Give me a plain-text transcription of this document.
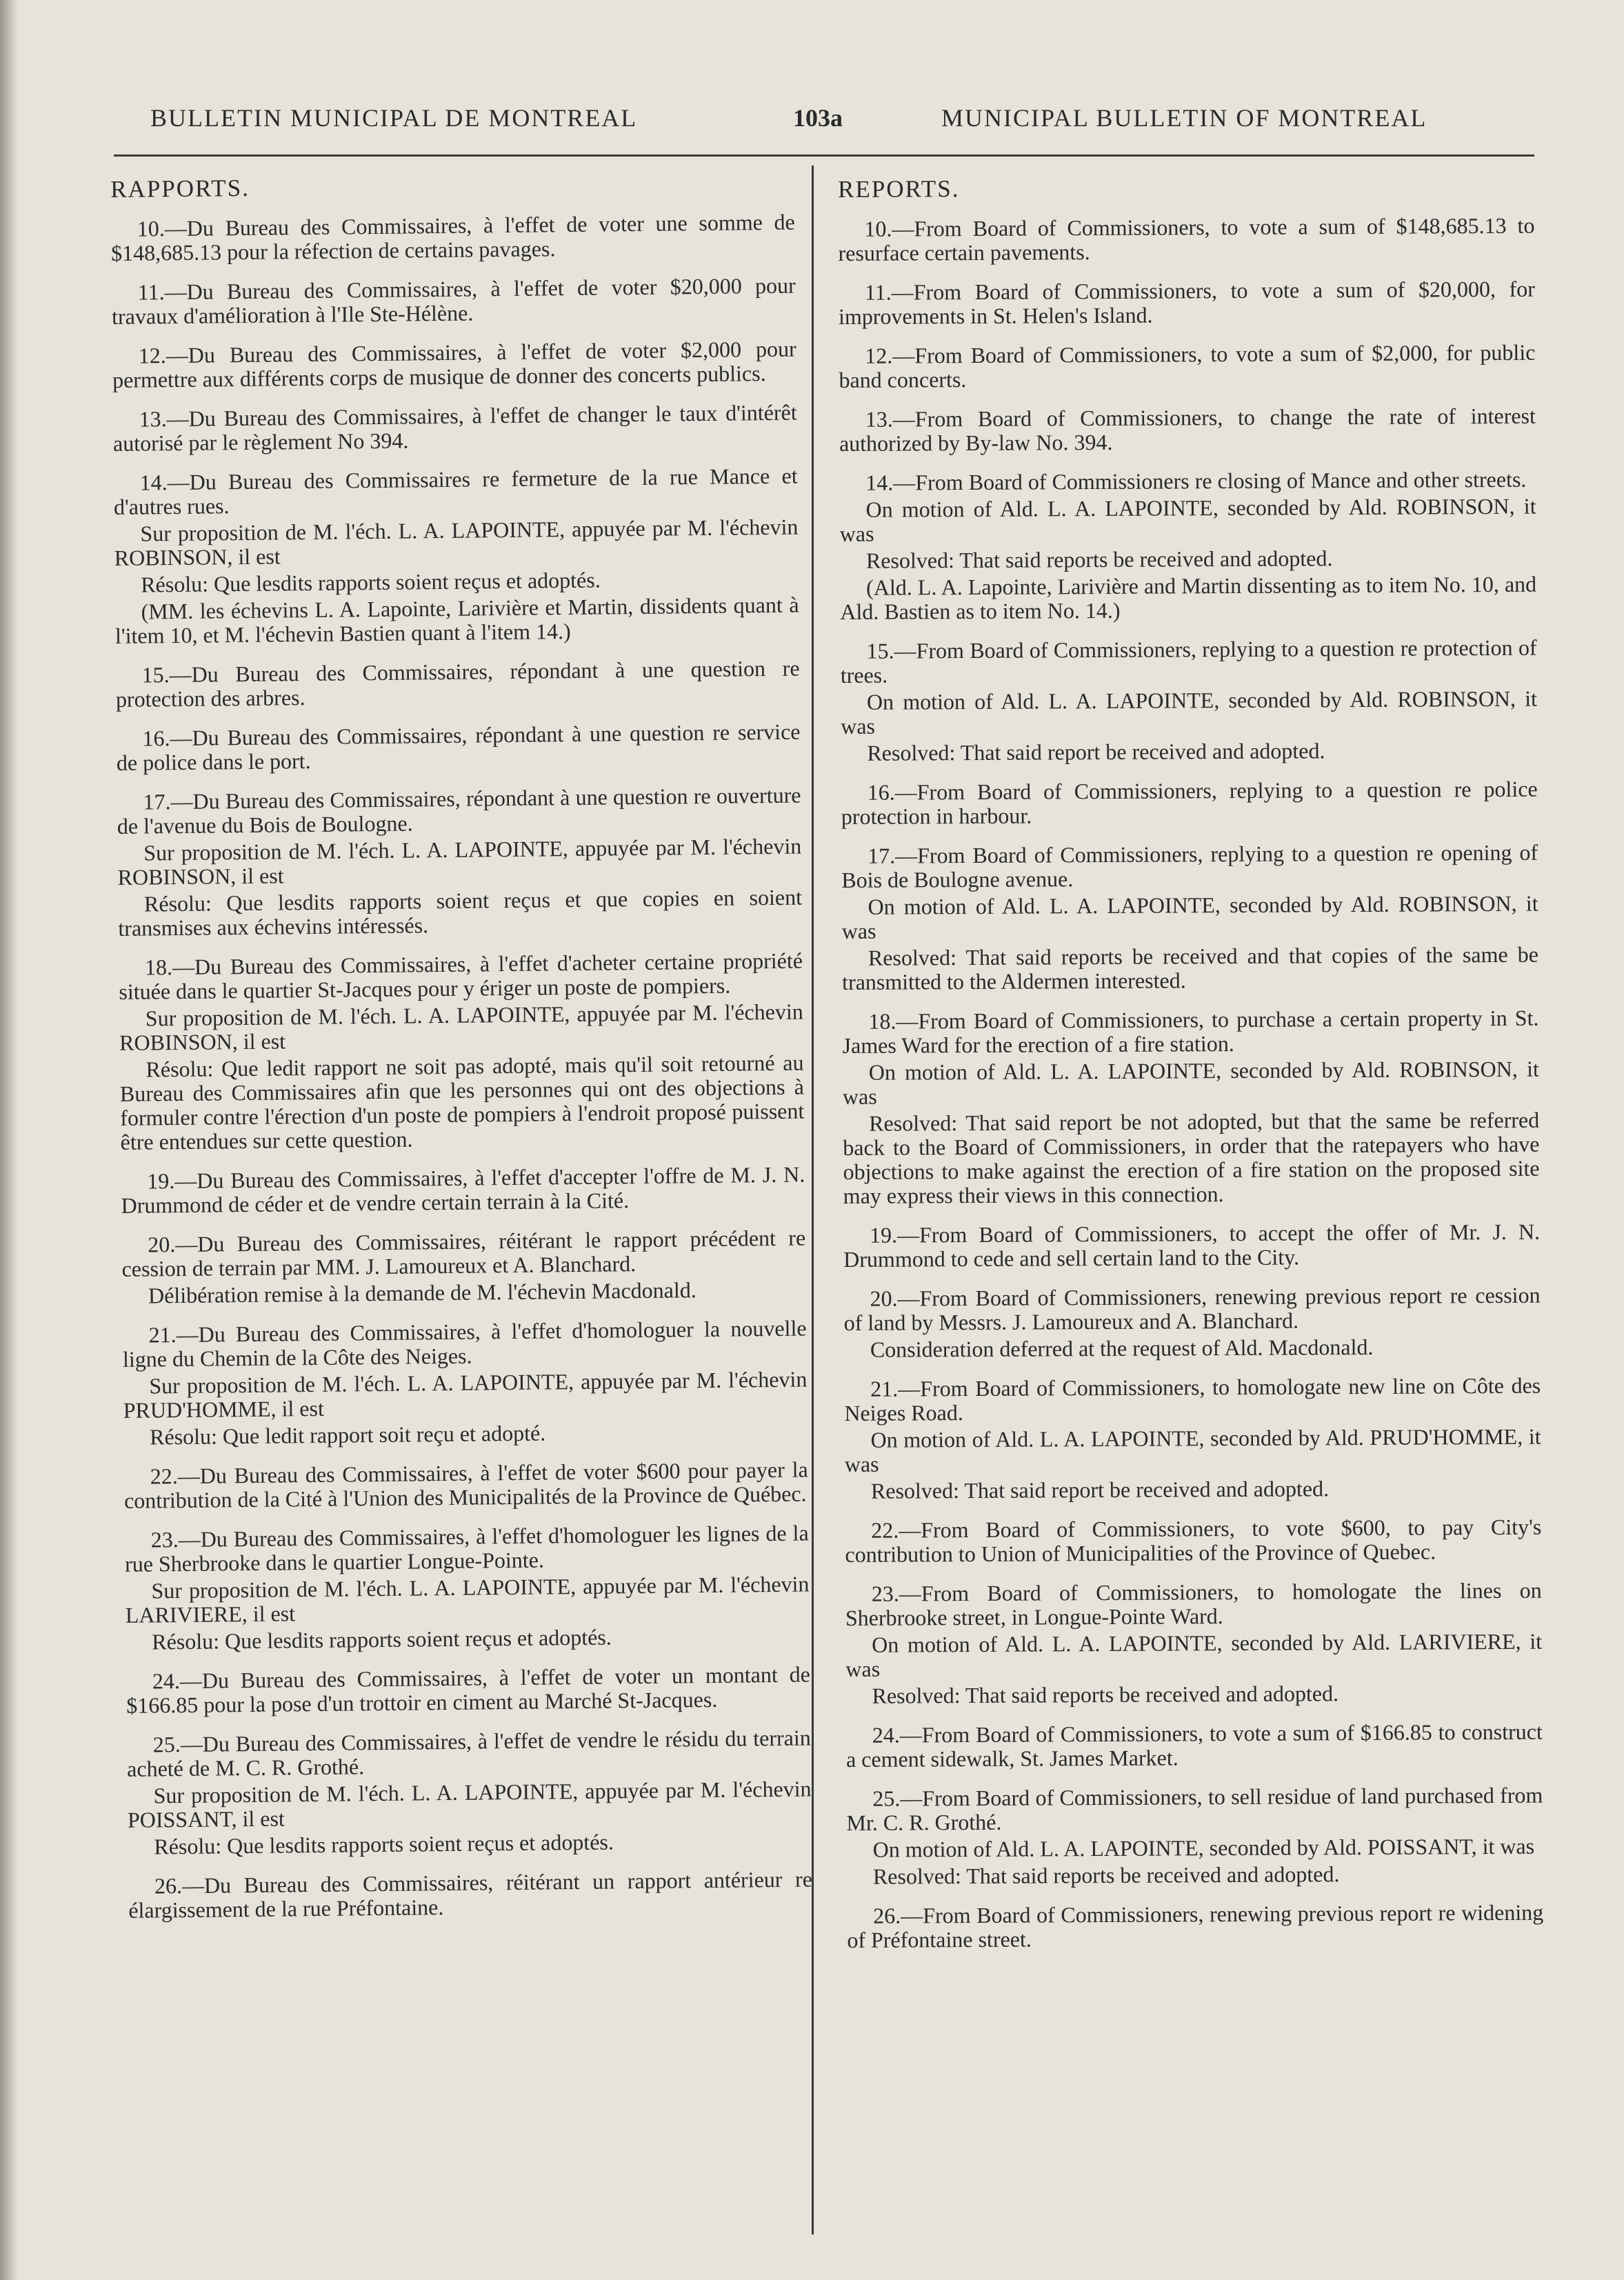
BULLETIN MUNICIPAL DE MONTREAL	103a	MUNICIPAL BULLETIN OF MONTREAL
RAPPORTS.

10.—Du Bureau des Commissaires, à l'effet de voter une somme de $148,685.13 pour la réfection de certains pavages.

11.—Du Bureau des Commissaires, à l'effet de voter $20,000 pour travaux d'amélioration à l'Ile Ste-Hélène.

12.—Du Bureau des Commissaires, à l'effet de voter $2,000 pour permettre aux différents corps de musique de donner des concerts publics.

13.—Du Bureau des Commissaires, à l'effet de changer le taux d'intérêt autorisé par le règlement No 394.

14.—Du Bureau des Commissaires re fermeture de la rue Mance et d'autres rues.

Sur proposition de M. l'éch. L. A. LAPOINTE, appuyée par M. l'échevin ROBINSON, il est

Résolu: Que lesdits rapports soient reçus et adoptés.

(MM. les échevins L. A. Lapointe, Larivière et Martin, dissidents quant à l'item 10, et M. l'échevin Bastien quant à l'item 14.)

15.—Du Bureau des Commissaires, répondant à une question re protection des arbres.

16.—Du Bureau des Commissaires, répondant à une question re service de police dans le port.

17.—Du Bureau des Commissaires, répondant à une question re ouverture de l'avenue du Bois de Boulogne.

Sur proposition de M. l'éch. L. A. LAPOINTE, appuyée par M. l'échevin ROBINSON, il est

Résolu: Que lesdits rapports soient reçus et que copies en soient transmises aux échevins intéressés.

18.—Du Bureau des Commissaires, à l'effet d'acheter certaine propriété située dans le quartier St-Jacques pour y ériger un poste de pompiers.

Sur proposition de M. l'éch. L. A. LAPOINTE, appuyée par M. l'échevin ROBINSON, il est

Résolu: Que ledit rapport ne soit pas adopté, mais qu'il soit retourné au Bureau des Commissaires afin que les personnes qui ont des objections à formuler contre l'érection d'un poste de pompiers à l'endroit proposé puissent être entendues sur cette question.

19.—Du Bureau des Commissaires, à l'effet d'accepter l'offre de M. J. N. Drummond de céder et de vendre certain terrain à la Cité.

20.—Du Bureau des Commissaires, réitérant le rapport précédent re cession de terrain par MM. J. Lamoureux et A. Blanchard.

Délibération remise à la demande de M. l'échevin Macdonald.

21.—Du Bureau des Commissaires, à l'effet d'homologuer la nouvelle ligne du Chemin de la Côte des Neiges.

Sur proposition de M. l'éch. L. A. LAPOINTE, appuyée par M. l'échevin PRUD'HOMME, il est

Résolu: Que ledit rapport soit reçu et adopté.

22.—Du Bureau des Commissaires, à l'effet de voter $600 pour payer la contribution de la Cité à l'Union des Municipalités de la Province de Québec.

23.—Du Bureau des Commissaires, à l'effet d'homologuer les lignes de la rue Sherbrooke dans le quartier Longue-Pointe.

Sur proposition de M. l'éch. L. A. LAPOINTE, appuyée par M. l'échevin LARIVIERE, il est

Résolu: Que lesdits rapports soient reçus et adoptés.

24.—Du Bureau des Commissaires, à l'effet de voter un montant de $166.85 pour la pose d'un trottoir en ciment au Marché St-Jacques.

25.—Du Bureau des Commissaires, à l'effet de vendre le résidu du terrain acheté de M. C. R. Grothé.

Sur proposition de M. l'éch. L. A. LAPOINTE, appuyée par M. l'échevin POISSANT, il est

Résolu: Que lesdits rapports soient reçus et adoptés.

26.—Du Bureau des Commissaires, réitérant un rapport antérieur re élargissement de la rue Préfontaine.

REPORTS.

10.—From Board of Commissioners, to vote a sum of $148,685.13 to resurface certain pavements.

11.—From Board of Commissioners, to vote a sum of $20,000, for improvements in St. Helen's Island.

12.—From Board of Commissioners, to vote a sum of $2,000, for public band concerts.

13.—From Board of Commissioners, to change the rate of interest authorized by By-law No. 394.

14.—From Board of Commissioners re closing of Mance and other streets.

On motion of Ald. L. A. LAPOINTE, seconded by Ald. ROBINSON, it was

Resolved: That said reports be received and adopted.

(Ald. L. A. Lapointe, Larivière and Martin dissenting as to item No. 10, and Ald. Bastien as to item No. 14.)

15.—From Board of Commissioners, replying to a question re protection of trees.

On motion of Ald. L. A. LAPOINTE, seconded by Ald. ROBINSON, it was

Resolved: That said report be received and adopted.

16.—From Board of Commissioners, replying to a question re police protection in harbour.

17.—From Board of Commissioners, replying to a question re opening of Bois de Boulogne avenue.

On motion of Ald. L. A. LAPOINTE, seconded by Ald. ROBINSON, it was

Resolved: That said reports be received and that copies of the same be transmitted to the Aldermen interested.

18.—From Board of Commissioners, to purchase a certain property in St. James Ward for the erection of a fire station.

On motion of Ald. L. A. LAPOINTE, seconded by Ald. ROBINSON, it was

Resolved: That said report be not adopted, but that the same be referred back to the Board of Commissioners, in order that the ratepayers who have objections to make against the erection of a fire station on the proposed site may express their views in this connection.

19.—From Board of Commissioners, to accept the offer of Mr. J. N. Drummond to cede and sell certain land to the City.

20.—From Board of Commissioners, renewing previous report re cession of land by Messrs. J. Lamoureux and A. Blanchard.

Consideration deferred at the request of Ald. Macdonald.

21.—From Board of Commissioners, to homologate new line on Côte des Neiges Road.

On motion of Ald. L. A. LAPOINTE, seconded by Ald. PRUD'HOMME, it was

Resolved: That said report be received and adopted.

22.—From Board of Commissioners, to vote $600, to pay City's contribution to Union of Municipalities of the Province of Quebec.

23.—From Board of Commissioners, to homologate the lines on Sherbrooke street, in Longue-Pointe Ward.

On motion of Ald. L. A. LAPOINTE, seconded by Ald. LARIVIERE, it was

Resolved: That said reports be received and adopted.

24.—From Board of Commissioners, to vote a sum of $166.85 to construct a cement sidewalk, St. James Market.

25.—From Board of Commissioners, to sell residue of land purchased from Mr. C. R. Grothé.

On motion of Ald. L. A. LAPOINTE, seconded by Ald. POISSANT, it was

Resolved: That said reports be received and adopted.

26.—From Board of Commissioners, renewing previous report re widening of Préfontaine street.
